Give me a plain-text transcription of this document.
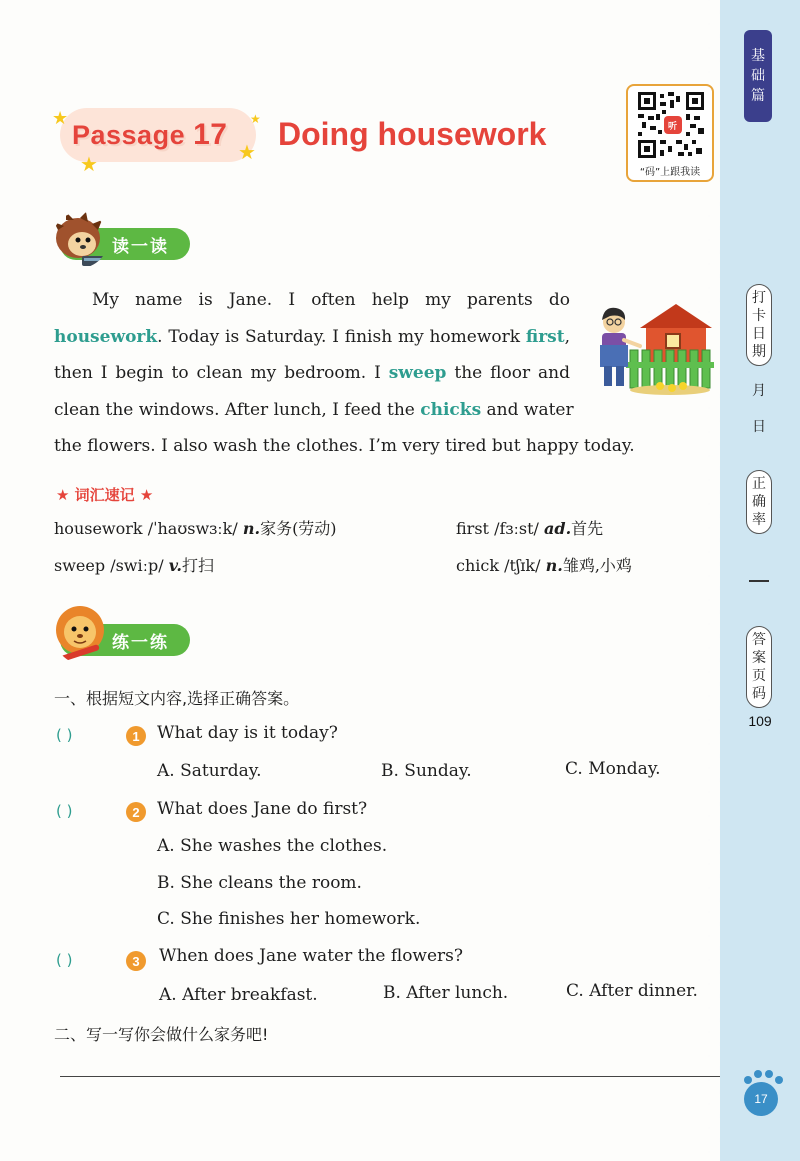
基
础
篇
打
卡
日
期
月
日
正
确
率
答
案
页
码
109
17
★
★	★
★
Passage 17 Doing housework	听
“码”上跟我读
读一读
My name is Jane. I often help my parents do
housework. Today is Saturday. I finish my homework first,
then I begin to clean my bedroom. I sweep the floor and
clean the windows. After lunch, I feed the chicks and water
the flowers. I also wash the clothes. I’m very tired but happy today.
★ 词汇速记 ★
housework /ˈhaʊswɜːk/ n.家务(劳动)	first /fɜːst/ ad.首先
sweep /swiːp/ v.打扫	chick /tʃɪk/ n.雏鸡,小鸡
练一练
一、根据短文内容,选择正确答案。
( )	1	What day is it today?
A. Saturday.	B. Sunday.	C. Monday.
( )	2	What does Jane do first?
A. She washes the clothes.
B. She cleans the room.
C. She finishes her homework.
( )	3	When does Jane water the flowers?
A. After breakfast.	B. After lunch.	C. After dinner.
二、写一写你会做什么家务吧!
